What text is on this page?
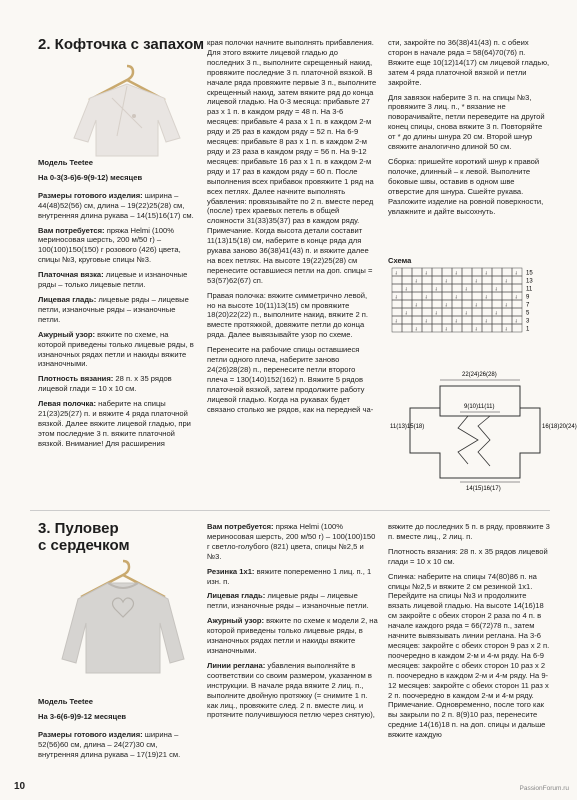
2. Кофточка с запахом

Модель Teetee

На 0-3(3-6)6-9(9-12) месяцев

Размеры готового изделия: ширина – 44(48)52(56) см, длина – 19(22)25(28) см, внутренняя длина рукава – 14(15)16(17) см.

Вам потребуется: пряжа Helmi (100% мериносовая шерсть, 200 м/50 г) – 100(100)150(150) г розового (426) цвета, спицы №3, круговые спицы №3.

Платочная вязка: лицевые и изнаночные ряды – только лицевые петли.

Лицевая гладь: лицевые ряды – лицевые петли, изнаночные ряды – изнаночные петли.

Ажурный узор: вяжите по схеме, на которой приведены только лицевые ряды, в изнаночных рядах петли и накиды вяжите изнаночными.

Плотность вязания: 28 п. x 35 рядов лицевой глади = 10 x 10 см.

Левая полочка: наберите на спицы 21(23)25(27) п. и вяжите 4 ряда платочной вязкой. Далее вяжите лицевой гладью, при этом последние 3 п. вяжите платочной вязкой. Внимание! Для расширения

края полочки начните выполнять прибавления. Для этого вяжите лицевой гладью до последних 3 п., выполните скрещенный накид, провяжите последние 3 п. платочной вязкой. В начале ряда провяжите первые 3 п., выполните скрещенный накид, затем вяжите ряд до конца лицевой гладью. На 0-3 месяца: прибавьте 27 раз x 1 п. в каждом ряду = 48 п. На 3-6 месяцев: прибавьте 4 раза x 1 п. в каждом 2-м ряду и 25 раз в каждом ряду = 52 п. На 6-9 месяцев: прибавьте 8 раз x 1 п. в каждом 2-м ряду и 23 раза в каждом ряду = 56 п. На 9-12 месяцев: прибавьте 16 раз x 1 п. в каждом 2-м ряду и 17 раз в каждом ряду = 60 п. После выполнения всех прибавок провяжите 1 ряд на всех петлях. Далее начните выполнять убавления: провязывайте по 2 п. вместе перед (после) трех краевых петель в общей сложности 31(33)35(37) раз в каждом ряду. Примечание. Когда высота детали составит 11(13)15(18) см, наберите в конце ряда для рукава заново 36(38)41(43) п. и вяжите далее на всех петлях. На высоте 19(22)25(28) см перенесите оставшиеся петли на доп. спицы = 53(57)62(67) сп.

Правая полочка: вяжите симметрично левой, но на высоте 10(11)13(15) см провяжите 18(20)22(22) п., выполните накид, вяжите 2 п. вместе протяжкой, довяжите петли до конца ряда. Далее вывязывайте узор по схеме.

Перенесите на рабочие спицы оставшиеся петли одного плеча, наберите заново 24(26)28(28) п., перенесите петли второго плеча = 130(140)152(162) п. Вяжите 5 рядов платочной вязкой, затем продолжите работу лицевой гладью. Когда на рукавах будет связано столько же рядов, как на передней ча-

сти, закройте по 36(38)41(43) п. с обеих сторон в начале ряда = 58(64)70(76) п. Вяжите еще 10(12)14(17) см лицевой гладью, затем 4 ряда платочной вязкой и петли закройте.

Для завязок наберите 3 п. на спицы №3, провяжите 3 лиц. п., * вязание не поворачивайте, петли переведите на другой конец спицы, снова вяжите 3 п. Повторяйте от * до длины шнура 20 см. Второй шнур свяжите аналогично длиной 50 см.

Сборка: пришейте короткий шнур к правой полочке, длинный – к левой. Выполните боковые швы, оставив в одном шве отверстие для шнура. Сшейте рукава. Разложите изделие на ровной поверхности, увлажните и дайте высохнуть.

Схема
↓	↓	↓	↓	↓
↓	↓	↓	↓
↓	↓	↓	↓
↓	↓	↓	↓	↓
↓	↓	↓	↓
↓	↓	↓	↓
↓	↓	↓	↓	↓
↓	↓	↓	↓
15
13
11
9
7
5
3
1
22(24)26(28)
9(10)11(11)
14(15)16(17)
11(13)15(18)	16(18)20(24)
3. Пуловер
с сердечком

Модель Teetee

На 3-6(6-9)9-12 месяцев

Размеры готового изделия: ширина – 52(56)60 см, длина – 24(27)30 см, внутренняя длина рукава – 17(19)21 см.

Вам потребуется: пряжа Helmi (100% мериносовая шерсть, 200 м/50 г) – 100(100)150 г светло-голубого (821) цвета, спицы №2,5 и №3.

Резинка 1x1: вяжите попеременно 1 лиц. п., 1 изн. п.

Лицевая гладь: лицевые ряды – лицевые петли, изнаночные ряды – изнаночные петли.

Ажурный узор: вяжите по схеме к модели 2, на которой приведены только лицевые ряды, в изнаночных рядах петли и накиды вяжите изнаночными.

Линии реглана: убавления выполняйте в соответствии со своим размером, указанном в инструкции. В начале ряда вяжите 2 лиц. п., выполните двойную протяжку (= снимите 1 п. как лиц., провяжите след. 2 п. вместе лиц. и протяните получившуюся петлю через снятую),

вяжите до последних 5 п. в ряду, провяжите 3 п. вместе лиц., 2 лиц. п.

Плотность вязания: 28 п. x 35 рядов лицевой глади = 10 x 10 см.

Спинка: наберите на спицы 74(80)86 п. на спицы №2,5 и вяжите 2 см резинкой 1x1. Перейдите на спицы №3 и продолжите вязать лицевой гладью. На высоте 14(16)18 см закройте с обеих сторон 2 раза по 4 п. в начале каждого ряда = 66(72)78 п., затем начните вывязывать линии реглана. На 3-6 месяцев: закройте с обеих сторон 9 раз x 2 п. поочередно в каждом 2-м и 4-м ряду. На 6-9 месяцев: закройте с обеих сторон 10 раз x 2 п. поочередно в каждом 2-м и 4-м ряду. На 9-12 месяцев: закройте с обеих сторон 11 раз x 2 п. поочередно в каждом 2-м и 4-м ряду. Примечание. Одновременно, после того как вы закрыли по 2 п. 8(9)10 раз, перенесите средние 14(16)18 п. на доп. спицы и дальше вяжите каждую

10	PassionForum.ru
